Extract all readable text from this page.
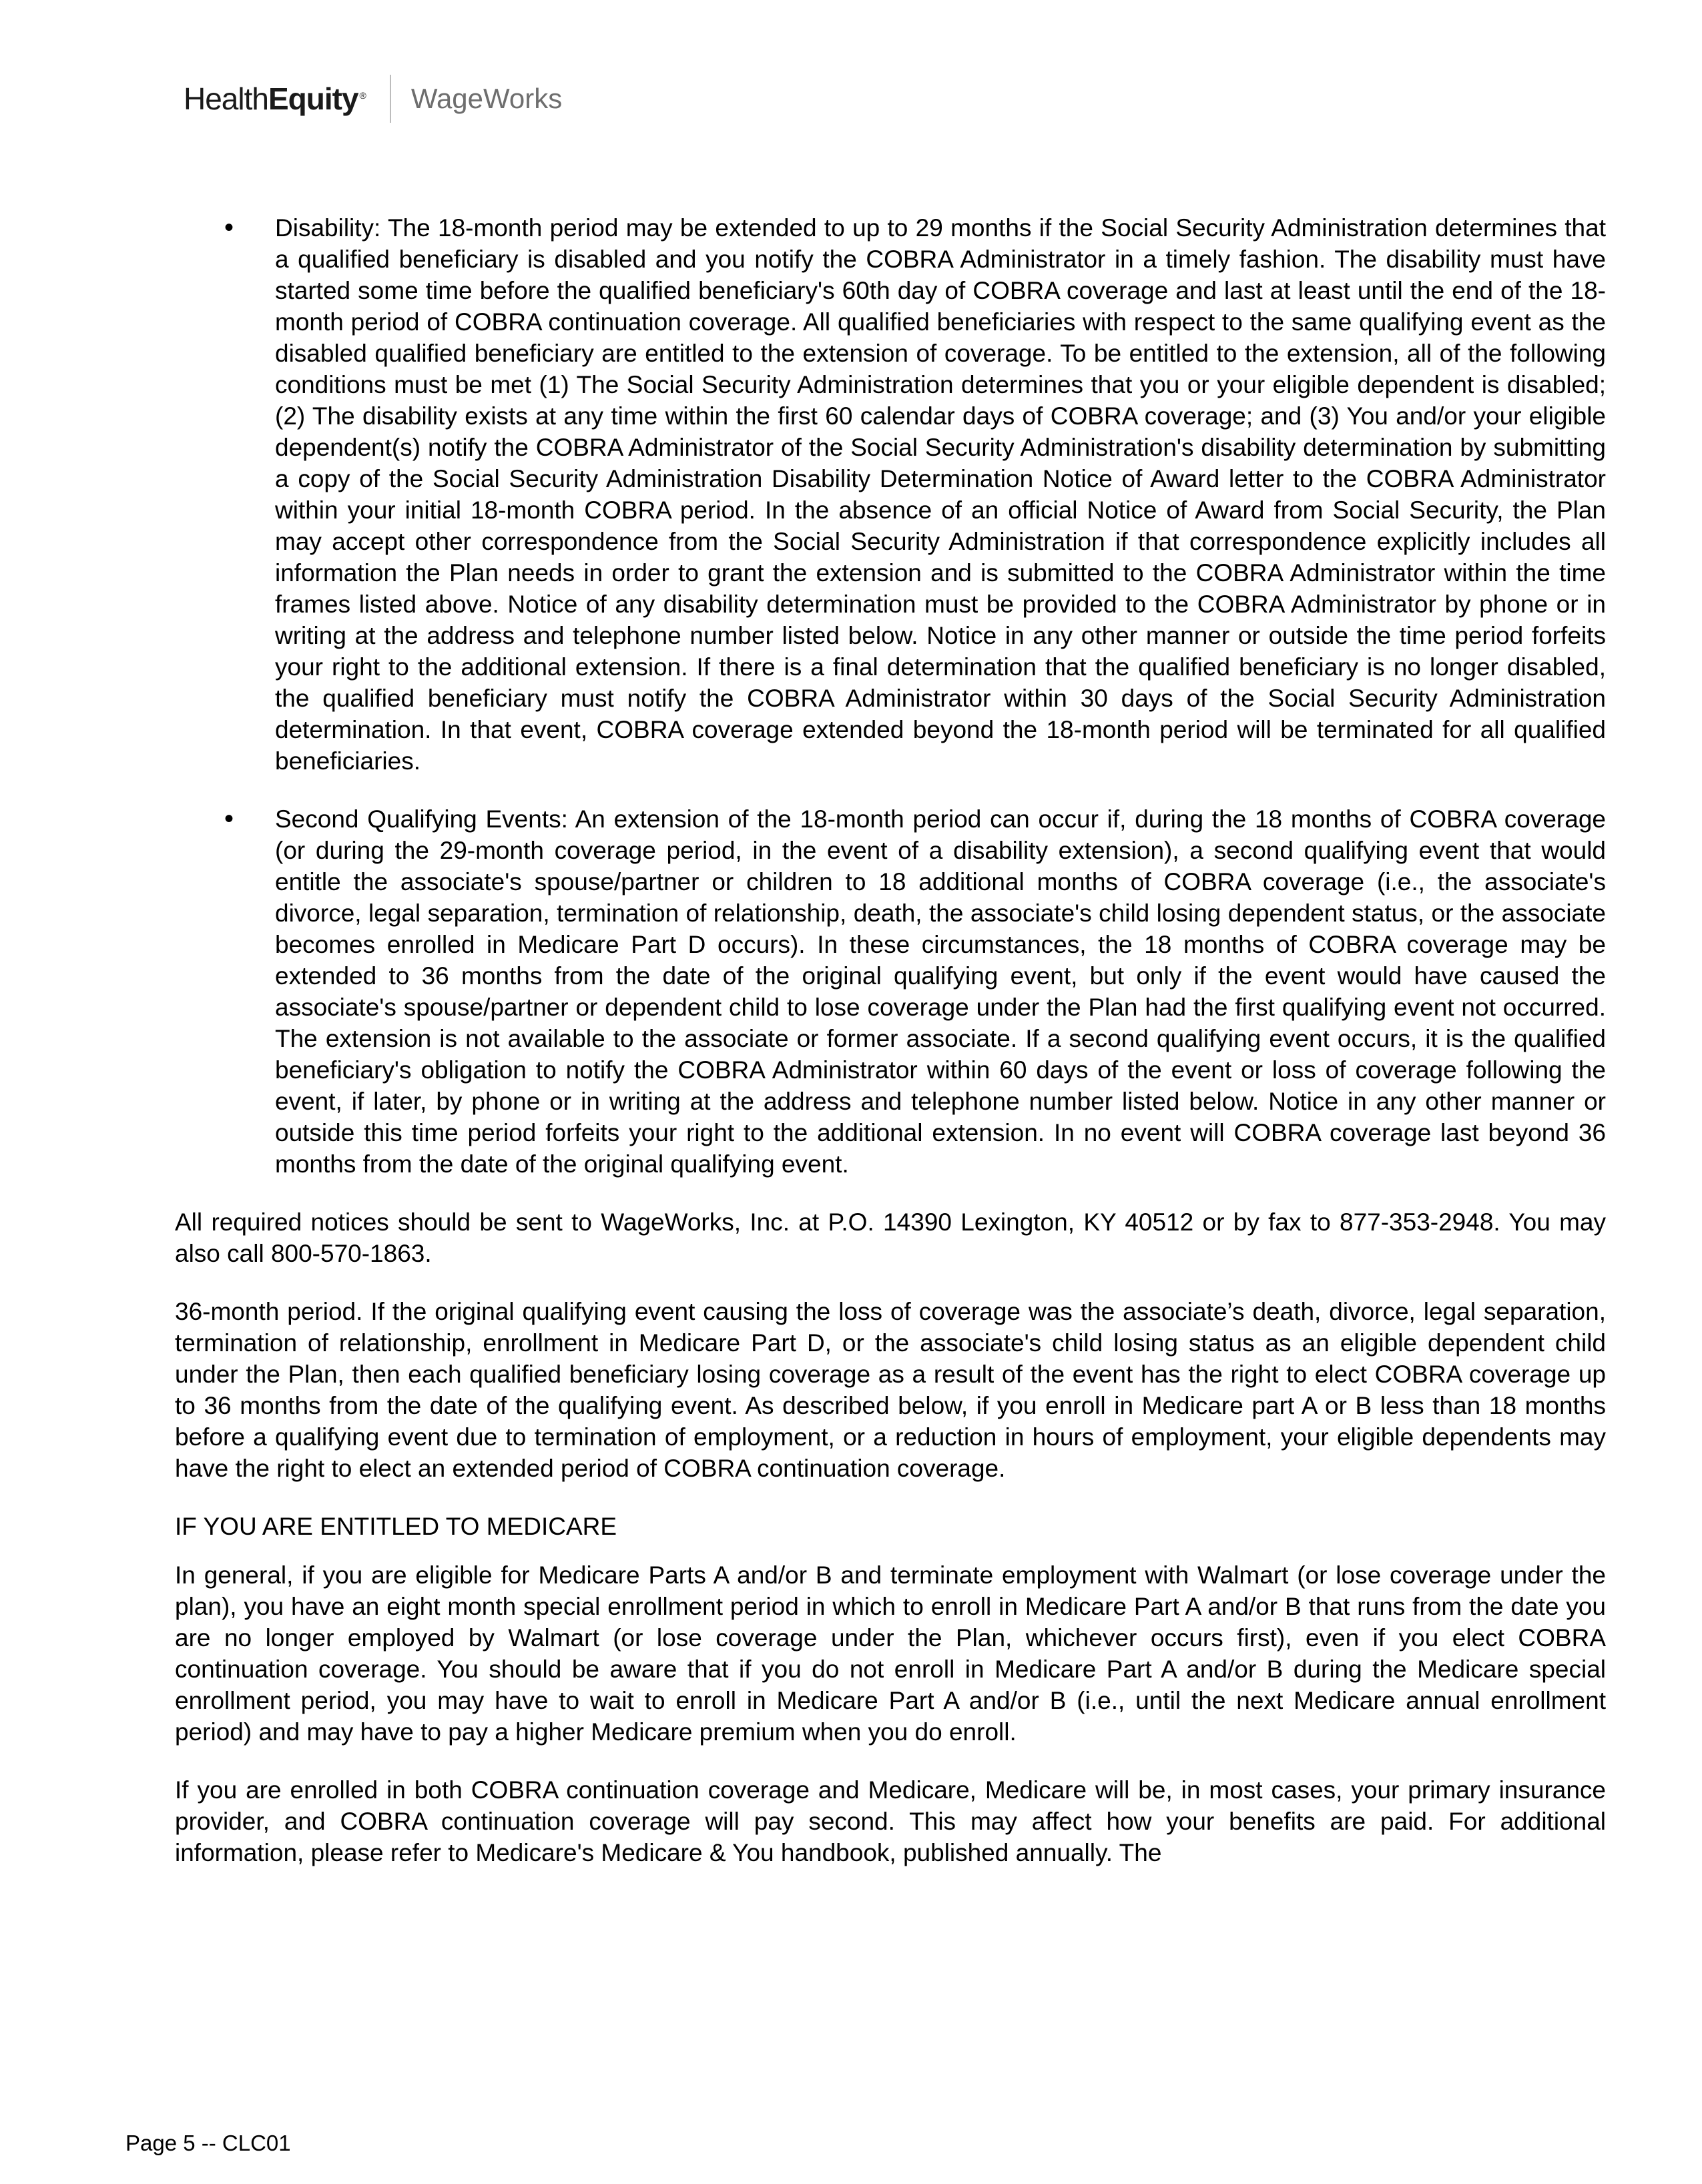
HealthEquity ® WageWorks
• Disability: The 18-month period may be extended to up to 29 months if the Social Security Administration determines that a qualified beneficiary is disabled and you notify the COBRA Administrator in a timely fashion. The disability must have started some time before the qualified beneficiary's 60th day of COBRA coverage and last at least until the end of the 18-month period of COBRA continuation coverage. All qualified beneficiaries with respect to the same qualifying event as the disabled qualified beneficiary are entitled to the extension of coverage. To be entitled to the extension, all of the following conditions must be met (1) The Social Security Administration determines that you or your eligible dependent is disabled; (2) The disability exists at any time within the first 60 calendar days of COBRA coverage; and (3) You and/or your eligible dependent(s) notify the COBRA Administrator of the Social Security Administration's disability determination by submitting a copy of the Social Security Administration Disability Determination Notice of Award letter to the COBRA Administrator within your initial 18-month COBRA period. In the absence of an official Notice of Award from Social Security, the Plan may accept other correspondence from the Social Security Administration if that correspondence explicitly includes all information the Plan needs in order to grant the extension and is submitted to the COBRA Administrator within the time frames listed above. Notice of any disability determination must be provided to the COBRA Administrator by phone or in writing at the address and telephone number listed below. Notice in any other manner or outside the time period forfeits your right to the additional extension. If there is a final determination that the qualified beneficiary is no longer disabled, the qualified beneficiary must notify the COBRA Administrator within 30 days of the Social Security Administration determination. In that event, COBRA coverage extended beyond the 18-month period will be terminated for all qualified beneficiaries.
• Second Qualifying Events: An extension of the 18-month period can occur if, during the 18 months of COBRA coverage (or during the 29-month coverage period, in the event of a disability extension), a second qualifying event that would entitle the associate's spouse/partner or children to 18 additional months of COBRA coverage (i.e., the associate's divorce, legal separation, termination of relationship, death, the associate's child losing dependent status, or the associate becomes enrolled in Medicare Part D occurs). In these circumstances, the 18 months of COBRA coverage may be extended to 36 months from the date of the original qualifying event, but only if the event would have caused the associate's spouse/partner or dependent child to lose coverage under the Plan had the first qualifying event not occurred. The extension is not available to the associate or former associate. If a second qualifying event occurs, it is the qualified beneficiary's obligation to notify the COBRA Administrator within 60 days of the event or loss of coverage following the event, if later, by phone or in writing at the address and telephone number listed below. Notice in any other manner or outside this time period forfeits your right to the additional extension. In no event will COBRA coverage last beyond 36 months from the date of the original qualifying event.

All required notices should be sent to WageWorks, Inc. at P.O. 14390 Lexington, KY 40512 or by fax to 877-353-2948. You may also call 800-570-1863.

36-month period. If the original qualifying event causing the loss of coverage was the associate’s death, divorce, legal separation, termination of relationship, enrollment in Medicare Part D, or the associate's child losing status as an eligible dependent child under the Plan, then each qualified beneficiary losing coverage as a result of the event has the right to elect COBRA coverage up to 36 months from the date of the qualifying event. As described below, if you enroll in Medicare part A or B less than 18 months before a qualifying event due to termination of employment, or a reduction in hours of employment, your eligible dependents may have the right to elect an extended period of COBRA continuation coverage.

IF YOU ARE ENTITLED TO MEDICARE

In general, if you are eligible for Medicare Parts A and/or B and terminate employment with Walmart (or lose coverage under the plan), you have an eight month special enrollment period in which to enroll in Medicare Part A and/or B that runs from the date you are no longer employed by Walmart (or lose coverage under the Plan, whichever occurs first), even if you elect COBRA continuation coverage. You should be aware that if you do not enroll in Medicare Part A and/or B during the Medicare special enrollment period, you may have to wait to enroll in Medicare Part A and/or B (i.e., until the next Medicare annual enrollment period) and may have to pay a higher Medicare premium when you do enroll.

If you are enrolled in both COBRA continuation coverage and Medicare, Medicare will be, in most cases, your primary insurance provider, and COBRA continuation coverage will pay second. This may affect how your benefits are paid. For additional information, please refer to Medicare's Medicare & You handbook, published annually. The

Page 5 -- CLC01
